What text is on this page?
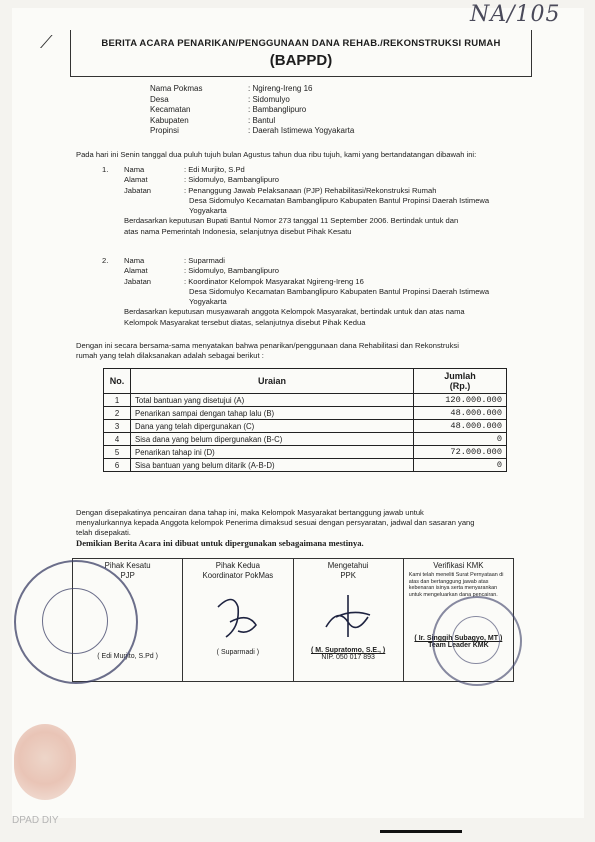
NA/105
⟋	BERITA ACARA PENARIKAN/PENGGUNAAN DANA REHAB./REKONSTRUKSI RUMAH
(BAPPD)
Nama Pokmas	: Ngireng-Ireng 16
Desa	: Sidomulyo
Kecamatan	: Bambanglipuro
Kabupaten	: Bantul
Propinsi	: Daerah Istimewa Yogyakarta
Pada hari ini Senin tanggal dua puluh tujuh bulan Agustus tahun dua ribu tujuh, kami yang bertandatangan dibawah ini:
1.	Nama	: Edi Murjito, S.Pd
Alamat	: Sidomulyo, Bambanglipuro
Jabatan	: Penanggung Jawab Pelaksanaan (PJP) Rehabilitasi/Rekonstruksi Rumah
Desa Sidomulyo Kecamatan Bambanglipuro Kabupaten Bantul Propinsi Daerah Istimewa
Yogyakarta
Berdasarkan keputusan Bupati Bantul Nomor 273 tanggal 11 September 2006. Bertindak untuk dan
atas nama Pemerintah Indonesia, selanjutnya disebut Pihak Kesatu
2.	Nama	: Suparmadi
Alamat	: Sidomulyo, Bambanglipuro
Jabatan	: Koordinator Kelompok Masyarakat Ngireng-Ireng 16
Desa Sidomulyo Kecamatan Bambanglipuro Kabupaten Bantul Propinsi Daerah Istimewa
Yogyakarta
Berdasarkan keputusan musyawarah anggota Kelompok Masyarakat, bertindak untuk dan atas nama
Kelompok Masyarakat tersebut diatas, selanjutnya disebut Pihak Kedua
Dengan ini secara bersama-sama menyatakan bahwa penarikan/penggunaan dana Rehabilitasi dan Rekonstruksi
rumah yang telah dilaksanakan adalah sebagai berikut :
No.	Uraian	Jumlah
(Rp.)

1	Total bantuan yang disetujui (A)	120.000.000
2	Penarikan sampai dengan tahap lalu (B)	48.000.000
3	Dana yang telah dipergunakan (C)	48.000.000
4	Sisa dana yang belum dipergunakan (B-C)	0
5	Penarikan tahap ini (D)	72.000.000
6	Sisa bantuan yang belum ditarik (A-B-D)	0
Dengan disepakatinya pencairan dana tahap ini, maka Kelompok Masyarakat bertanggung jawab untuk
menyalurkannya kepada Anggota kelompok Penerima dimaksud sesuai dengan persyaratan, jadwal dan sasaran yang
telah disepakati.
Demikian Berita Acara ini dibuat untuk dipergunakan sebagaimana mestinya.
Pihak Kesatu
PJP
( Edi Murjito, S.Pd )

Pihak Kedua
Koordinator PokMas
( Suparmadi )

Mengetahui
PPK
( M. Supratomo, S.E., )
NIP. 050 017 893

Verifikasi KMK
Kami telah meneliti Surat Pernyataan di atas dan bertanggung jawab atas kebenaran isinya serta menyarankan untuk mengeluarkan dana pencairan.
( Ir. Singgih Subagyo, MT )
Team Leader KMK
DPAD DIY
